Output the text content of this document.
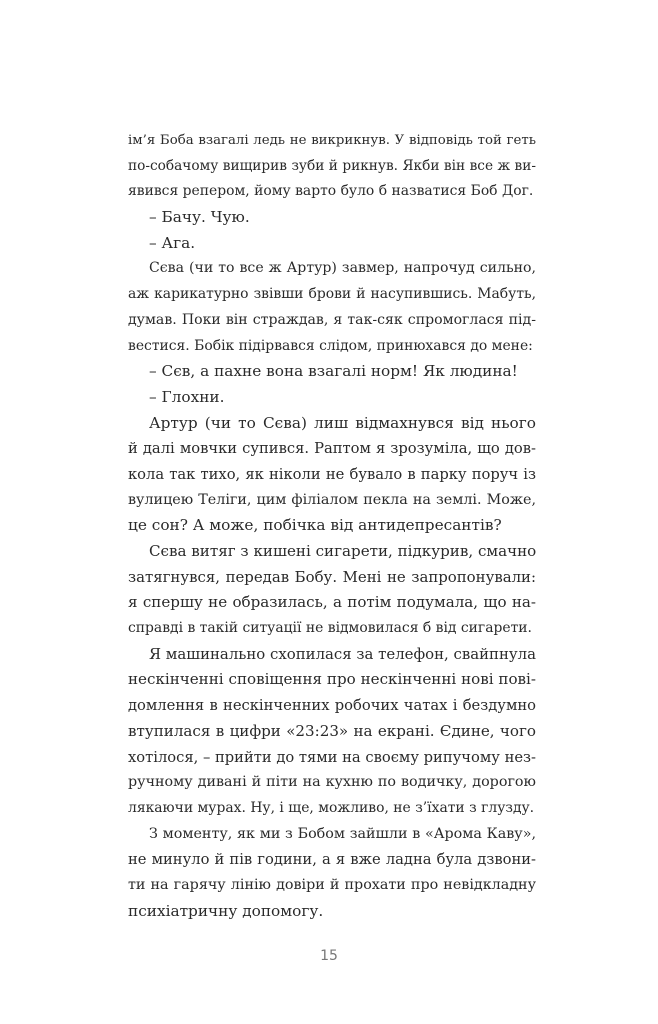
ім’я Боба взагалі ледь не викрикнув. У відповідь той геть
по-собачому вищирив зуби й рикнув. Якби він все ж ви-
явився репером, йому варто було б назватися Боб Дог.
– Бачу. Чую.
– Ага.
Сєва (чи то все ж Артур) завмер, напрочуд сильно,
аж карикатурно звівши брови й насупившись. Мабуть,
думав. Поки він страждав, я так-сяк спромоглася під-
вестися. Бобік підірвався слідом, принюхався до мене:
– Сєв, а пахне вона взагалі норм! Як людина!
– Глохни.
Артур (чи то Сєва) лиш відмахнувся від нього
й далі мовчки супився. Раптом я зрозуміла, що дов-
кола так тихо, як ніколи не бувало в парку поруч із
вулицею Теліги, цим філіалом пекла на землі. Може,
це сон? А може, побічка від антидепресантів?
Сєва витяг з кишені сигарети, підкурив, смачно
затягнувся, передав Бобу. Мені не запропонували:
я спершу не образилась, а потім подумала, що на-
справді в такій ситуації не відмовилася б від сигарети.
Я машинально схопилася за телефон, свайпнула
нескінченні сповіщення про нескінченні нові пові-
домлення в нескінченних робочих чатах і бездумно
втупилася в цифри «23:23» на екрані. Єдине, чого
хотілося, – прийти до тями на своєму рипучому нез-
ручному дивані й піти на кухню по водичку, дорогою
лякаючи мурах. Ну, і ще, можливо, не з’їхати з глузду.
З моменту, як ми з Бобом зайшли в «Арома Каву»,
не минуло й пів години, а я вже ладна була дзвони-
ти на гарячу лінію довіри й прохати про невідкладну
психіатричну допомогу.
15
